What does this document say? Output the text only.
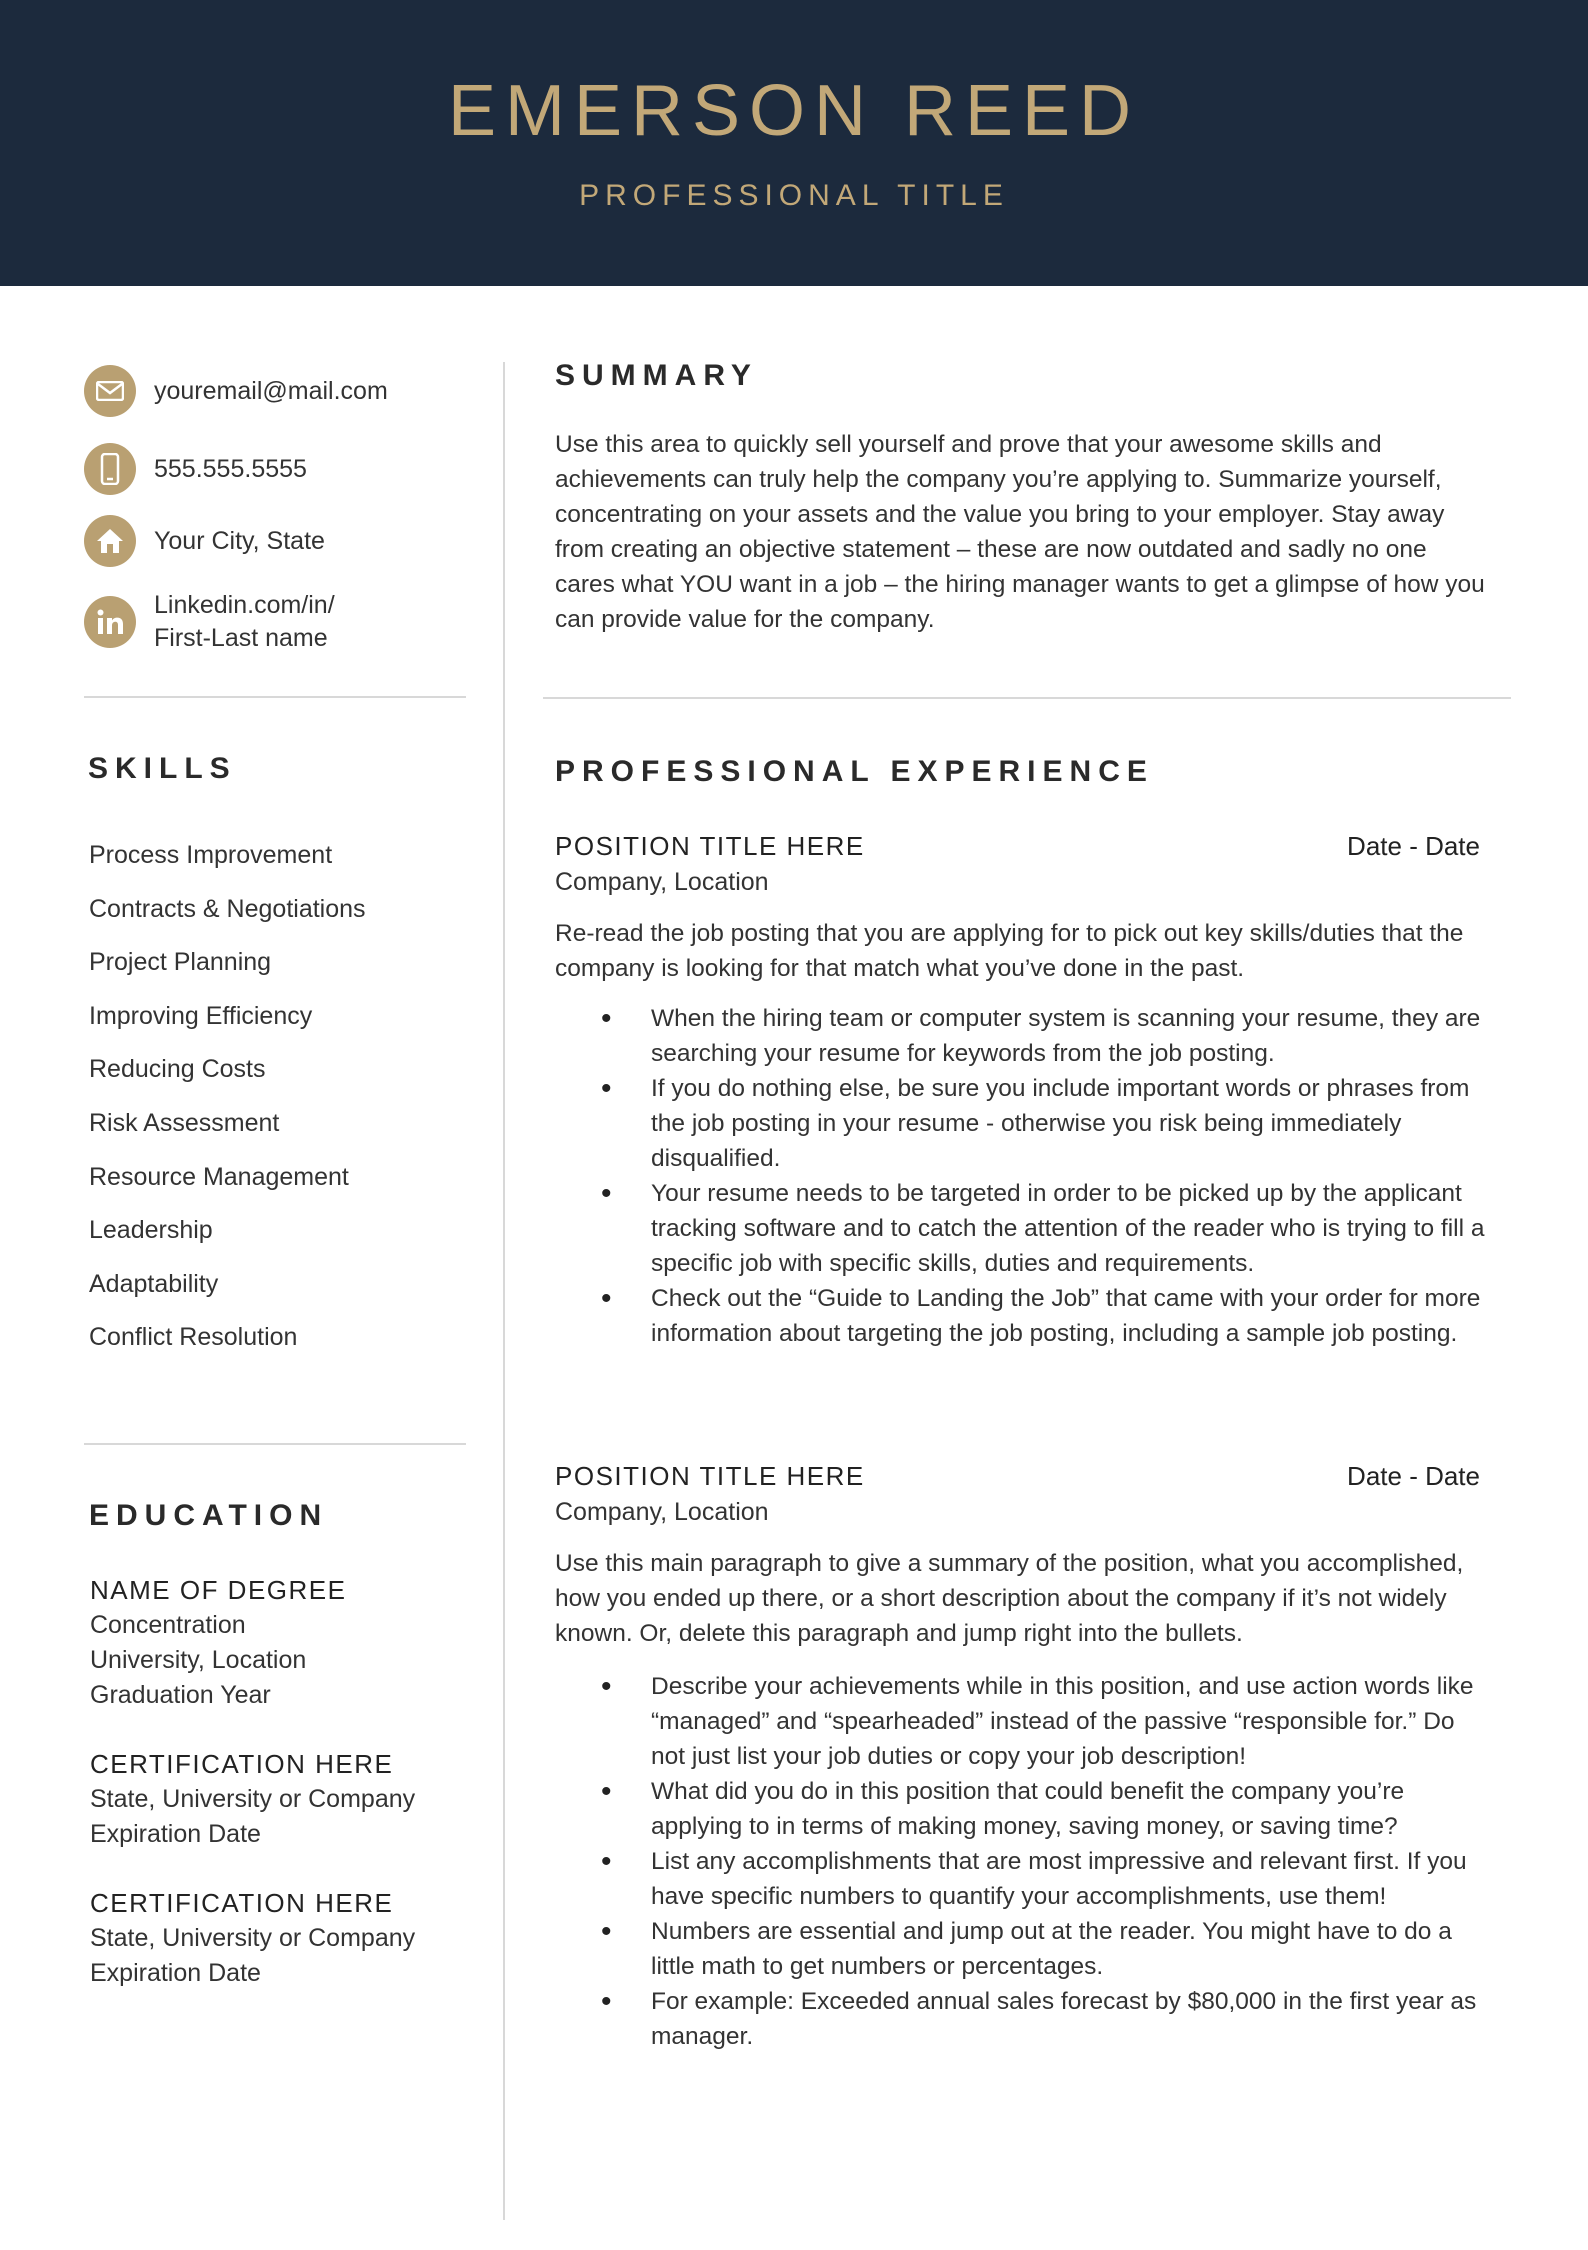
EMERSON REED
PROFESSIONAL TITLE
youremail@mail.com
555.555.5555
Your City, State
Linkedin.com/in/
First-Last name
SKILLS
Process Improvement
Contracts & Negotiations
Project Planning
Improving Efficiency
Reducing Costs
Risk Assessment
Resource Management
Leadership
Adaptability
Conflict Resolution
EDUCATION
NAME OF DEGREE
Concentration
University, Location
Graduation Year
CERTIFICATION HERE
State, University or Company
Expiration Date
CERTIFICATION HERE
State, University or Company
Expiration Date
SUMMARY

Use this area to quickly sell yourself and prove that your awesome skills and achievements can truly help the company you’re applying to. Summarize yourself, concentrating on your assets and the value you bring to your employer. Stay away from creating an objective statement – these are now outdated and sadly no one cares what YOU want in a job – the hiring manager wants to get a glimpse of how you can provide value for the company.

PROFESSIONAL EXPERIENCE
POSITION TITLE HERE	Date - Date
Company, Location

Re-read the job posting that you are applying for to pick out key skills/duties that the company is looking for that match what you’ve done in the past.

• When the hiring team or computer system is scanning your resume, they are searching your resume for keywords from the job posting.
• If you do nothing else, be sure you include important words or phrases from the job posting in your resume - otherwise you risk being immediately disqualified.
• Your resume needs to be targeted in order to be picked up by the applicant tracking software and to catch the attention of the reader who is trying to fill a specific job with specific skills, duties and requirements.
• Check out the “Guide to Landing the Job” that came with your order for more information about targeting the job posting, including a sample job posting.
POSITION TITLE HERE	Date - Date
Company, Location

Use this main paragraph to give a summary of the position, what you accomplished, how you ended up there, or a short description about the company if it’s not widely known. Or, delete this paragraph and jump right into the bullets.

• Describe your achievements while in this position, and use action words like “managed” and “spearheaded” instead of the passive “responsible for.” Do not just list your job duties or copy your job description!
• What did you do in this position that could benefit the company you’re applying to in terms of making money, saving money, or saving time?
• List any accomplishments that are most impressive and relevant first. If you have specific numbers to quantify your accomplishments, use them!
• Numbers are essential and jump out at the reader. You might have to do a little math to get numbers or percentages.
• For example: Exceeded annual sales forecast by $80,000 in the first year as manager.
